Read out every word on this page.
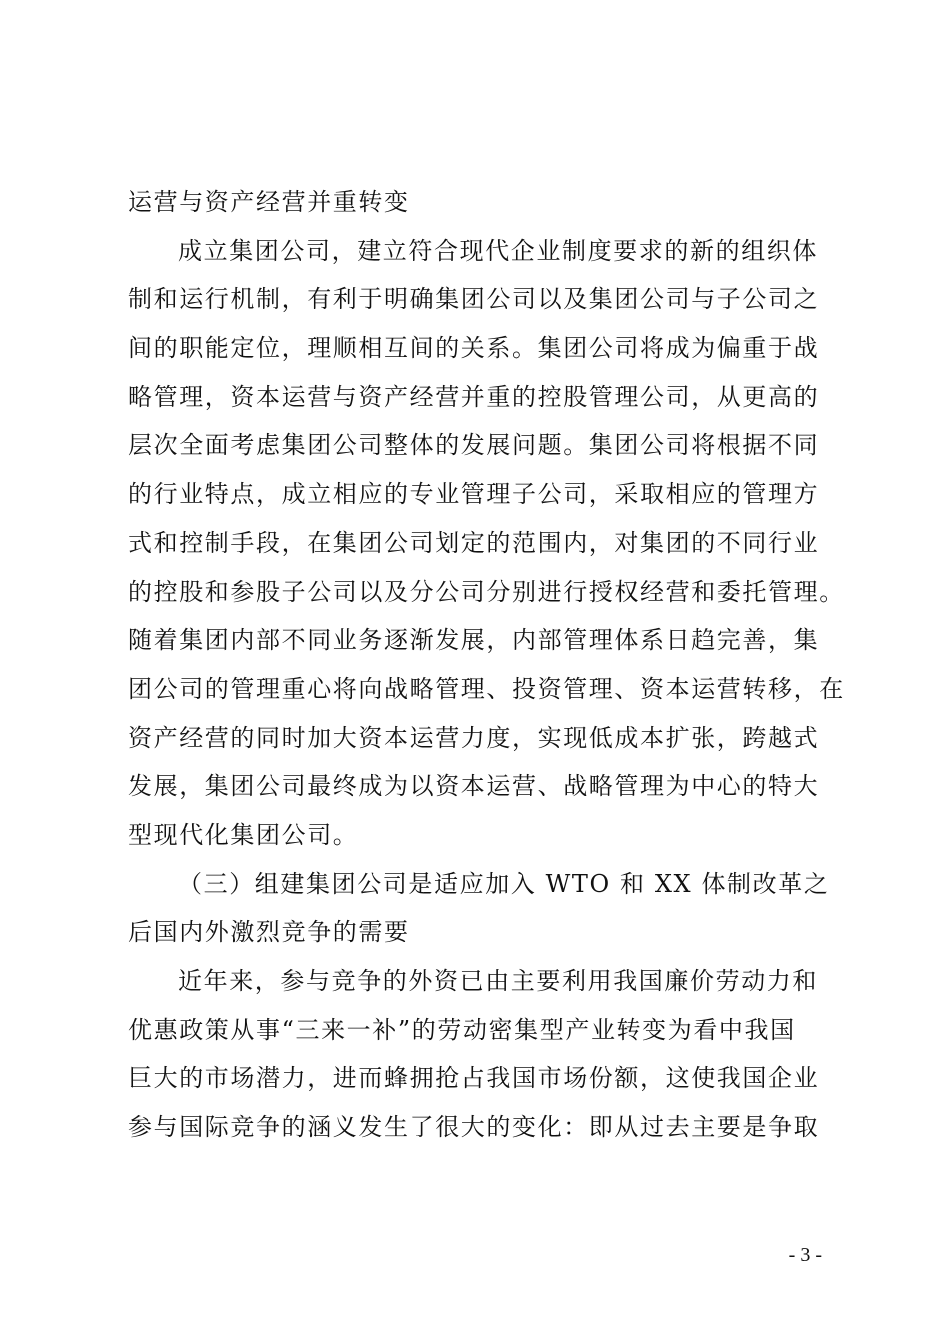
运营与资产经营并重转变
成立集团公司，建立符合现代企业制度要求的新的组织体
制和运行机制，有利于明确集团公司以及集团公司与子公司之
间的职能定位，理顺相互间的关系。集团公司将成为偏重于战
略管理，资本运营与资产经营并重的控股管理公司，从更高的
层次全面考虑集团公司整体的发展问题。集团公司将根据不同
的行业特点，成立相应的专业管理子公司，采取相应的管理方
式和控制手段，在集团公司划定的范围内，对集团的不同行业
的控股和参股子公司以及分公司分别进行授权经营和委托管理。
随着集团内部不同业务逐渐发展，内部管理体系日趋完善，集
团公司的管理重心将向战略管理、投资管理、资本运营转移，在
资产经营的同时加大资本运营力度，实现低成本扩张，跨越式
发展，集团公司最终成为以资本运营、战略管理为中心的特大
型现代化集团公司。
（三）组建集团公司是适应加入 WTO 和 XX 体制改革之
后国内外激烈竞争的需要
近年来，参与竞争的外资已由主要利用我国廉价劳动力和
优惠政策从事“三来一补”的劳动密集型产业转变为看中我国
巨大的市场潜力，进而蜂拥抢占我国市场份额，这使我国企业
参与国际竞争的涵义发生了很大的变化：即从过去主要是争取
- 3 -
